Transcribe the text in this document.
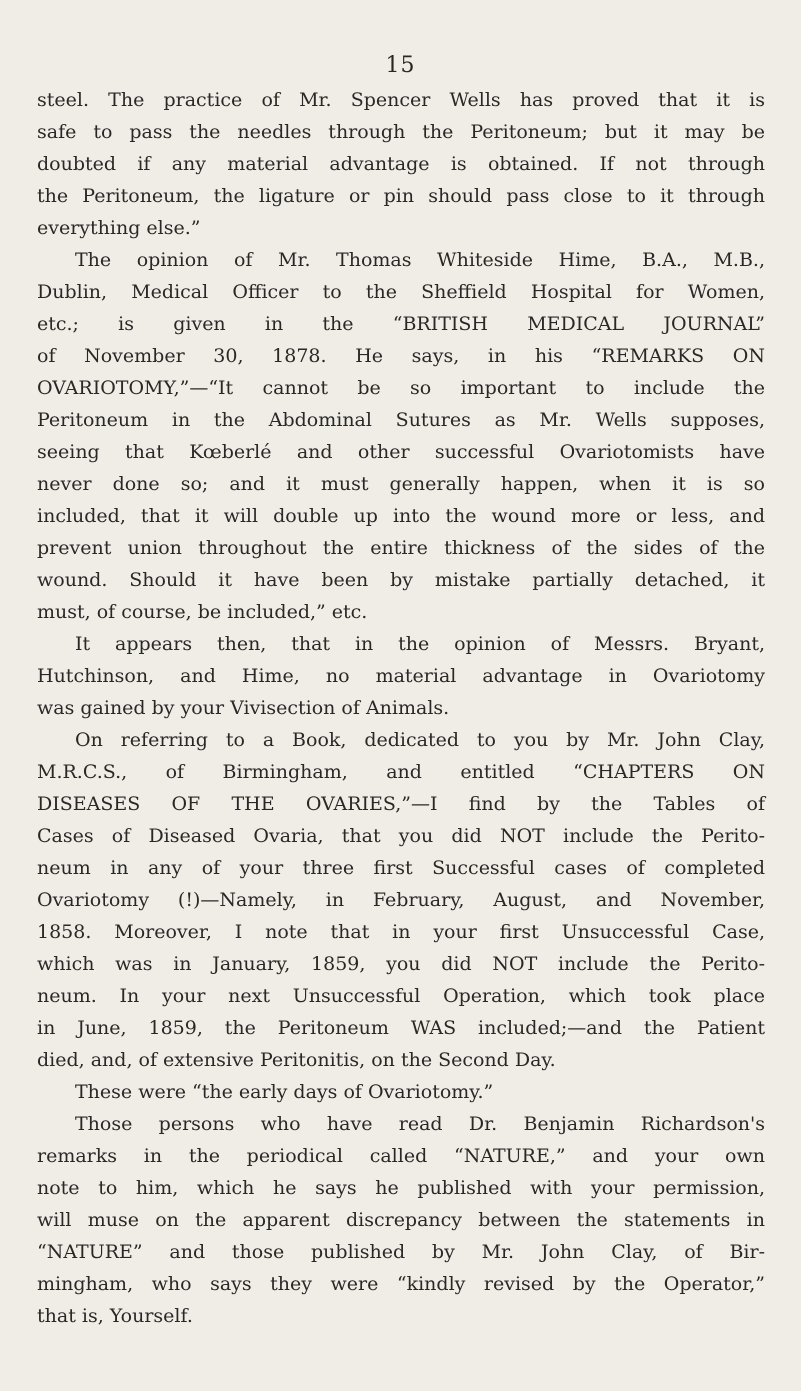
15
steel. The practice of Mr. Spencer Wells has proved that it is
safe to pass the needles through the Peritoneum; but it may be
doubted if any material advantage is obtained. If not through
the Peritoneum, the ligature or pin should pass close to it through
everything else.”
The opinion of Mr. Thomas Whiteside Hime, B.A., M.B.,
Dublin, Medical Officer to the Sheffield Hospital for Women,
etc.; is given in the “BRITISH MEDICAL JOURNAL”
of November 30, 1878. He says, in his “REMARKS ON
OVARIOTOMY,”—“It cannot be so important to include the
Peritoneum in the Abdominal Sutures as Mr. Wells supposes,
seeing that Kœberlé and other successful Ovariotomists have
never done so; and it must generally happen, when it is so
included, that it will double up into the wound more or less, and
prevent union throughout the entire thickness of the sides of the
wound. Should it have been by mistake partially detached, it
must, of course, be included,” etc.
It appears then, that in the opinion of Messrs. Bryant,
Hutchinson, and Hime, no material advantage in Ovariotomy
was gained by your Vivisection of Animals.
On referring to a Book, dedicated to you by Mr. John Clay,
M.R.C.S., of Birmingham, and entitled “CHAPTERS ON
DISEASES OF THE OVARIES,”—I find by the Tables of
Cases of Diseased Ovaria, that you did NOT include the Perito-
neum in any of your three first Successful cases of completed
Ovariotomy (!)—Namely, in February, August, and November,
1858. Moreover, I note that in your first Unsuccessful Case,
which was in January, 1859, you did NOT include the Perito-
neum. In your next Unsuccessful Operation, which took place
in June, 1859, the Peritoneum WAS included;—and the Patient
died, and, of extensive Peritonitis, on the Second Day.
These were “the early days of Ovariotomy.”
Those persons who have read Dr. Benjamin Richardson's
remarks in the periodical called “NATURE,” and your own
note to him, which he says he published with your permission,
will muse on the apparent discrepancy between the statements in
“NATURE” and those published by Mr. John Clay, of Bir-
mingham, who says they were “kindly revised by the Operator,”
that is, Yourself.
